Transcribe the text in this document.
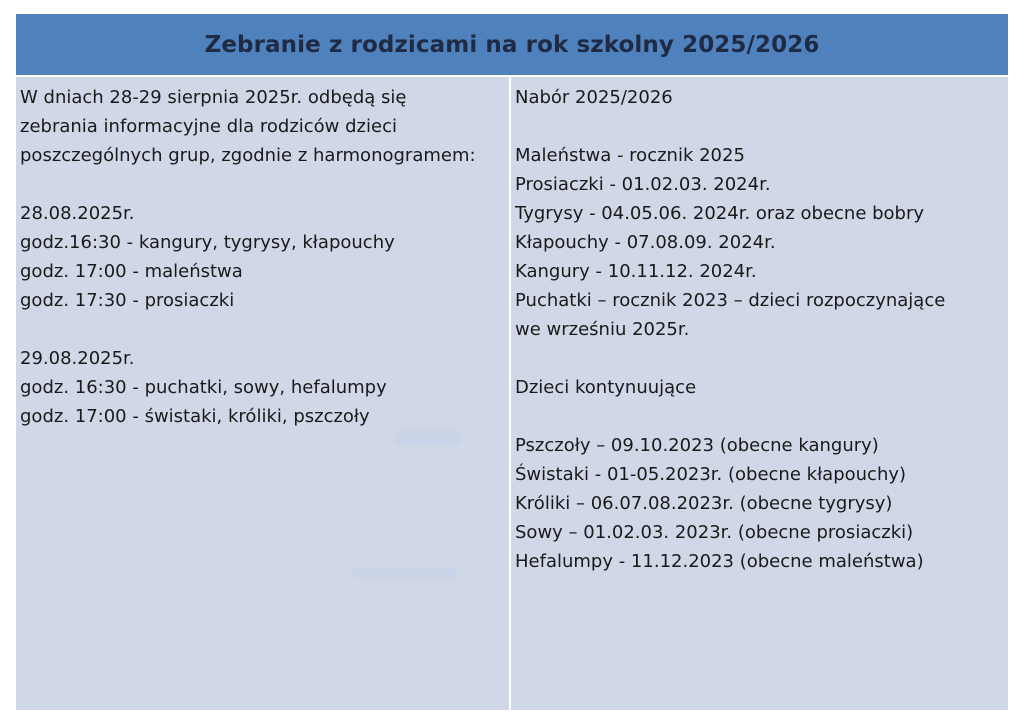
Zebranie z rodzicami na rok szkolny 2025/2026
W dniach 28-29 sierpnia 2025r. odbędą się
zebrania informacyjne dla rodziców dzieci
poszczególnych grup, zgodnie z harmonogramem:
28.08.2025r.
godz.16:30 - kangury, tygrysy, kłapouchy
godz. 17:00 - maleństwa
godz. 17:30 - prosiaczki
29.08.2025r.
godz. 16:30 - puchatki, sowy, hefalumpy
godz. 17:00 - świstaki, króliki, pszczoły
Nabór 2025/2026
Maleństwa - rocznik 2025
Prosiaczki - 01.02.03. 2024r.
Tygrysy - 04.05.06. 2024r. oraz obecne bobry
Kłapouchy - 07.08.09. 2024r.
Kangury - 10.11.12. 2024r.
Puchatki – rocznik 2023 – dzieci rozpoczynające
we wrześniu 2025r.
Dzieci kontynuujące
Pszczoły – 09.10.2023 (obecne kangury)
Świstaki - 01-05.2023r. (obecne kłapouchy)
Króliki – 06.07.08.2023r. (obecne tygrysy)
Sowy – 01.02.03. 2023r. (obecne prosiaczki)
Hefalumpy - 11.12.2023 (obecne maleństwa)
